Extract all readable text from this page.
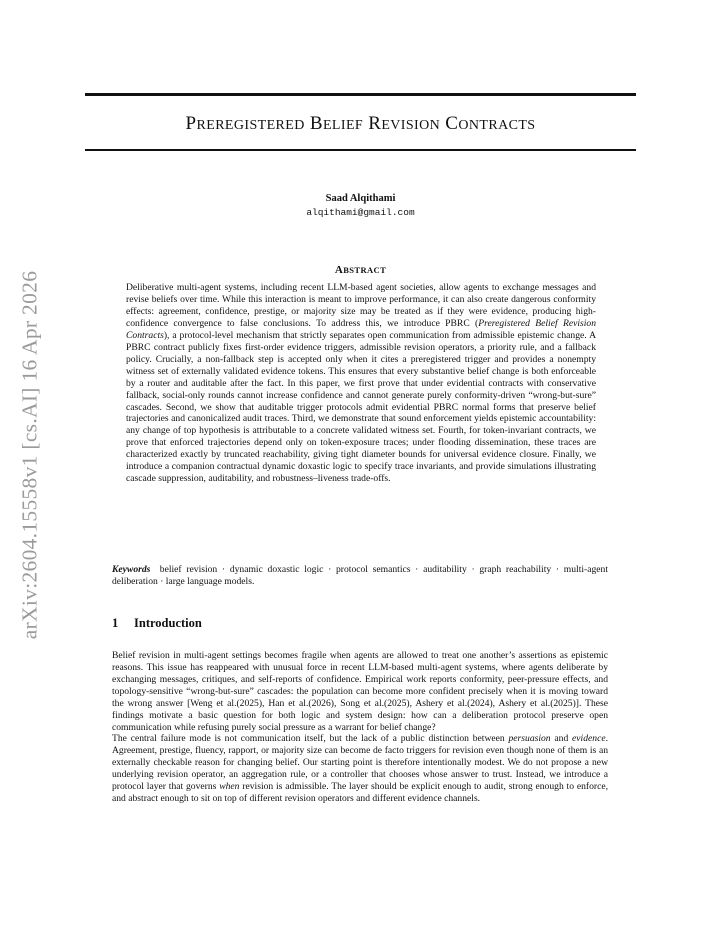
arXiv:2604.15558v1 [cs.AI] 16 Apr 2026
PREREGISTERED BELIEF REVISION CONTRACTS
Saad Alqithami
alqithami@gmail.com
ABSTRACT

Deliberative multi-agent systems, including recent LLM-based agent societies, allow agents to exchange messages and revise beliefs over time. While this interaction is meant to improve performance, it can also create dangerous conformity effects: agreement, confidence, prestige, or majority size may be treated as if they were evidence, producing high-confidence convergence to false conclusions. To address this, we introduce PBRC (Preregistered Belief Revision Contracts), a protocol-level mechanism that strictly separates open communication from admissible epistemic change. A PBRC contract publicly fixes first-order evidence triggers, admissible revision operators, a priority rule, and a fallback policy. Crucially, a non-fallback step is accepted only when it cites a preregistered trigger and provides a nonempty witness set of externally validated evidence tokens. This ensures that every substantive belief change is both enforceable by a router and auditable after the fact. In this paper, we first prove that under evidential contracts with conservative fallback, social-only rounds cannot increase confidence and cannot generate purely conformity-driven “wrong-but-sure” cascades. Second, we show that auditable trigger protocols admit evidential PBRC normal forms that preserve belief trajectories and canonicalized audit traces. Third, we demonstrate that sound enforcement yields epistemic accountability: any change of top hypothesis is attributable to a concrete validated witness set. Fourth, for token-invariant contracts, we prove that enforced trajectories depend only on token-exposure traces; under flooding dissemination, these traces are characterized exactly by truncated reachability, giving tight diameter bounds for universal evidence closure. Finally, we introduce a companion contractual dynamic doxastic logic to specify trace invariants, and provide simulations illustrating cascade suppression, auditability, and robustness–liveness trade-offs.

Keywords belief revision · dynamic doxastic logic · protocol semantics · auditability · graph reachability · multi-agent deliberation · large language models.
1 Introduction

Belief revision in multi-agent settings becomes fragile when agents are allowed to treat one another’s assertions as epistemic reasons. This issue has reappeared with unusual force in recent LLM-based multi-agent systems, where agents deliberate by exchanging messages, critiques, and self-reports of confidence. Empirical work reports conformity, peer-pressure effects, and topology-sensitive “wrong-but-sure” cascades: the population can become more confident precisely when it is moving toward the wrong answer [Weng et al.(2025), Han et al.(2026), Song et al.(2025), Ashery et al.(2024), Ashery et al.(2025)]. These findings motivate a basic question for both logic and system design: how can a deliberation protocol preserve open communication while refusing purely social pressure as a warrant for belief change?

The central failure mode is not communication itself, but the lack of a public distinction between persuasion and evidence. Agreement, prestige, fluency, rapport, or majority size can become de facto triggers for revision even though none of them is an externally checkable reason for changing belief. Our starting point is therefore intentionally modest. We do not propose a new underlying revision operator, an aggregation rule, or a controller that chooses whose answer to trust. Instead, we introduce a protocol layer that governs when revision is admissible. The layer should be explicit enough to audit, strong enough to enforce, and abstract enough to sit on top of different revision operators and different evidence channels.
